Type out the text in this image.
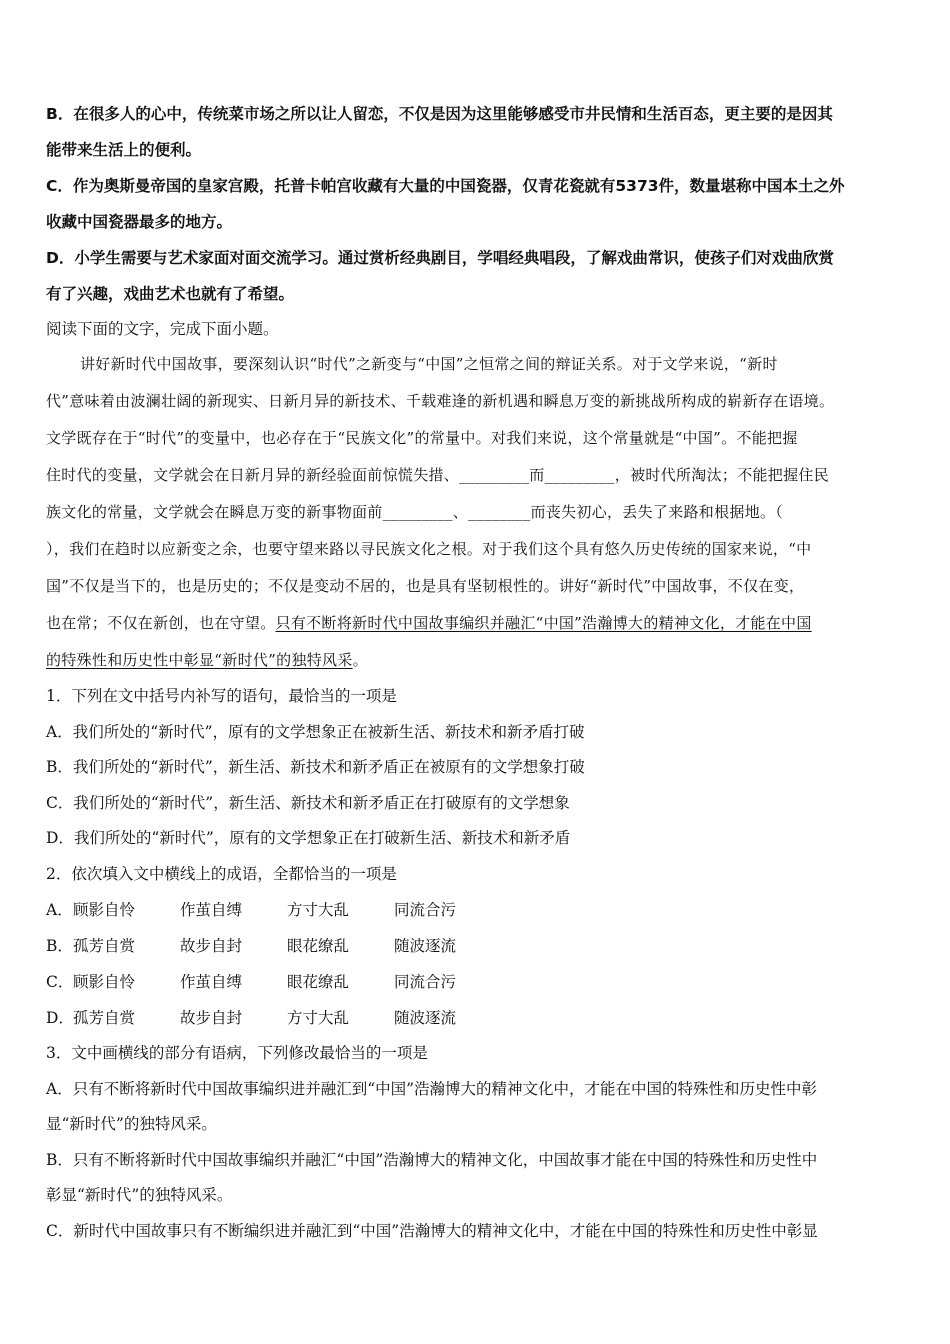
B．在很多人的心中，传统菜市场之所以让人留恋，不仅是因为这里能够感受市井民情和生活百态，更主要的是因其
能带来生活上的便利。
C．作为奥斯曼帝国的皇家宫殿，托普卡帕宫收藏有大量的中国瓷器，仅青花瓷就有5373件，数量堪称中国本土之外
收藏中国瓷器最多的地方。
D．小学生需要与艺术家面对面交流学习。通过赏析经典剧目，学唱经典唱段，了解戏曲常识，使孩子们对戏曲欣赏
有了兴趣，戏曲艺术也就有了希望。
阅读下面的文字，完成下面小题。
讲好新时代中国故事，要深刻认识“时代”之新变与“中国”之恒常之间的辩证关系。对于文学来说，“新时
代”意味着由波澜壮阔的新现实、日新月异的新技术、千载难逢的新机遇和瞬息万变的新挑战所构成的崭新存在语境。
文学既存在于“时代”的变量中，也必存在于“民族文化”的常量中。对我们来说，这个常量就是“中国”。不能把握
住时代的变量，文学就会在日新月异的新经验面前惊慌失措、_________而_________，被时代所淘汰；不能把握住民
族文化的常量，文学就会在瞬息万变的新事物面前_________、________而丧失初心，丢失了来路和根据地。（
），我们在趋时以应新变之余，也要守望来路以寻民族文化之根。对于我们这个具有悠久历史传统的国家来说，“中
国”不仅是当下的，也是历史的；不仅是变动不居的，也是具有坚韧根性的。讲好“新时代”中国故事，不仅在变，
也在常；不仅在新创，也在守望。只有不断将新时代中国故事编织并融汇“中国”浩瀚博大的精神文化，才能在中国
的特殊性和历史性中彰显“新时代”的独特风采。
1．下列在文中括号内补写的语句，最恰当的一项是
A．我们所处的“新时代”，原有的文学想象正在被新生活、新技术和新矛盾打破
B．我们所处的“新时代”，新生活、新技术和新矛盾正在被原有的文学想象打破
C．我们所处的“新时代”，新生活、新技术和新矛盾正在打破原有的文学想象
D．我们所处的“新时代”，原有的文学想象正在打破新生活、新技术和新矛盾
2．依次填入文中横线上的成语，全都恰当的一项是
A． 顾影自怜	作茧自缚	方寸大乱	同流合污
B． 孤芳自赏	故步自封	眼花缭乱	随波逐流
C． 顾影自怜	作茧自缚	眼花缭乱	同流合污
D． 孤芳自赏	故步自封	方寸大乱	随波逐流
3．文中画横线的部分有语病，下列修改最恰当的一项是
A．只有不断将新时代中国故事编织进并融汇到“中国”浩瀚博大的精神文化中，才能在中国的特殊性和历史性中彰
显“新时代”的独特风采。
B．只有不断将新时代中国故事编织并融汇“中国”浩瀚博大的精神文化，中国故事才能在中国的特殊性和历史性中
彰显“新时代”的独特风采。
C．新时代中国故事只有不断编织进并融汇到“中国”浩瀚博大的精神文化中，才能在中国的特殊性和历史性中彰显
